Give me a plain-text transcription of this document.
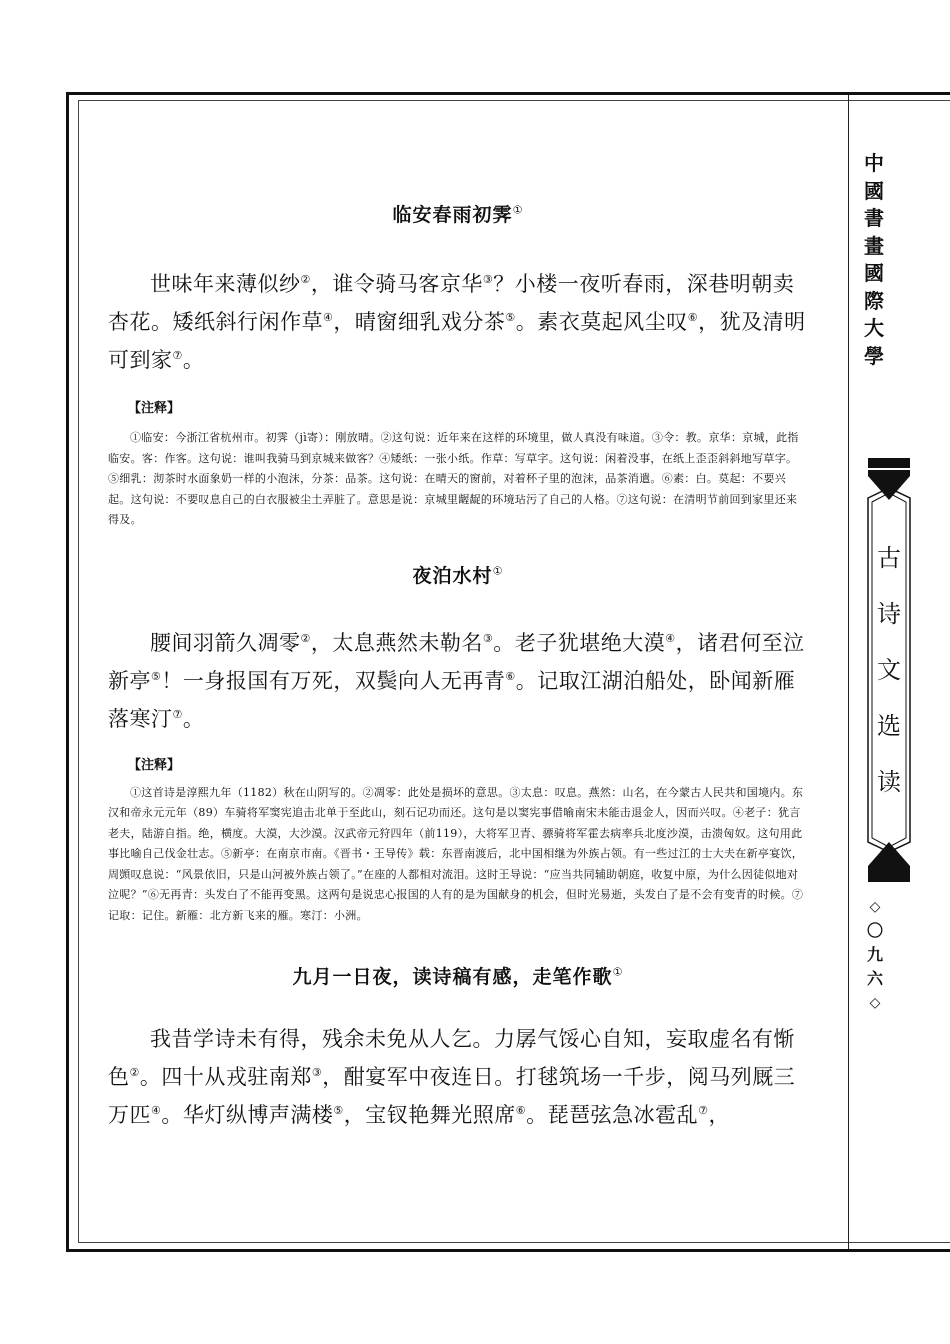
临安春雨初霁①

世味年来薄似纱②，谁令骑马客京华③？小楼一夜听春雨，深巷明朝卖杏花。矮纸斜行闲作草④，晴窗细乳戏分茶⑤。素衣莫起风尘叹⑥，犹及清明可到家⑦。

【注释】

①临安：今浙江省杭州市。初霁（jì寄）：刚放晴。②这句说：近年来在这样的环境里，做人真没有味道。③令：教。京华：京城，此指临安。客：作客。这句说：谁叫我骑马到京城来做客？④矮纸：一张小纸。作草：写草字。这句说：闲着没事，在纸上歪歪斜斜地写草字。⑤细乳：沏茶时水面象奶一样的小泡沫，分茶：品茶。这句说：在晴天的窗前，对着杯子里的泡沫，品茶消遣。⑥素：白。莫起：不要兴起。这句说：不要叹息自己的白衣服被尘土弄脏了。意思是说：京城里龌龊的环境玷污了自己的人格。⑦这句说：在清明节前回到家里还来得及。

夜泊水村①

腰间羽箭久凋零②，太息燕然未勒名③。老子犹堪绝大漠④，诸君何至泣新亭⑤！一身报国有万死，双鬓向人无再青⑥。记取江湖泊船处，卧闻新雁落寒汀⑦。

【注释】

①这首诗是淳熙九年（1182）秋在山阴写的。②凋零：此处是损坏的意思。③太息：叹息。燕然：山名，在今蒙古人民共和国境内。东汉和帝永元元年（89）车骑将军窦宪追击北单于至此山，刻石记功而还。这句是以窦宪事借喻南宋未能击退金人，因而兴叹。④老子：犹言老夫，陆游自指。绝，横度。大漠，大沙漠。汉武帝元狩四年（前119），大将军卫青、骠骑将军霍去病率兵北度沙漠，击溃匈奴。这句用此事比喻自己伐金壮志。⑤新亭：在南京市南。《晋书・王导传》载：东晋南渡后，北中国相继为外族占领。有一些过江的士大夫在新亭宴饮，周顗叹息说：“风景依旧，只是山河被外族占领了。”在座的人都相对流泪。这时王导说：“应当共同辅助朝庭，收复中原，为什么因徒似地对泣呢？”⑥无再青：头发白了不能再变黑。这两句是说忠心报国的人有的是为国献身的机会，但时光易逝，头发白了是不会有变青的时候。⑦记取：记住。新雁：北方新飞来的雁。寒汀：小洲。

九月一日夜，读诗稿有感，走笔作歌①

我昔学诗未有得，残余未免从人乞。力孱气馁心自知，妄取虚名有惭色②。四十从戎驻南郑③，酣宴军中夜连日。打毬筑场一千步，阅马列厩三万匹④。华灯纵博声满楼⑤，宝钗艳舞光照席⑥。琵琶弦急冰雹乱⑦，

中
國
書
畫
國
際
大
學
古
诗
文
选
读
◇
〇
九
六
◇
